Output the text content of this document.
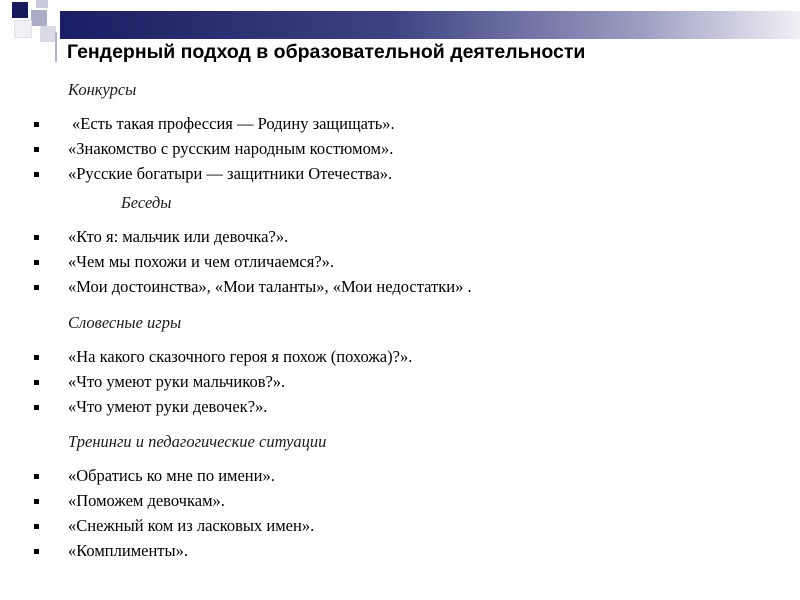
Гендерный подход в образовательной деятельности
Конкурсы
«Есть такая профессия — Родину защищать».
«Знакомство с русским народным костюмом».
«Русские богатыри — защитники Отечества».
Беседы
«Кто я: мальчик или девочка?».
«Чем мы похожи и чем отличаемся?».
«Мои достоинства», «Мои таланты», «Мои недостатки» .
Словесные игры
«На какого сказочного героя я похож (похожа)?».
«Что умеют руки мальчиков?».
«Что умеют руки девочек?».
Тренинги и педагогические ситуации
«Обратись ко мне по имени».
«Поможем девочкам».
«Снежный ком из ласковых имен».
«Комплименты».
